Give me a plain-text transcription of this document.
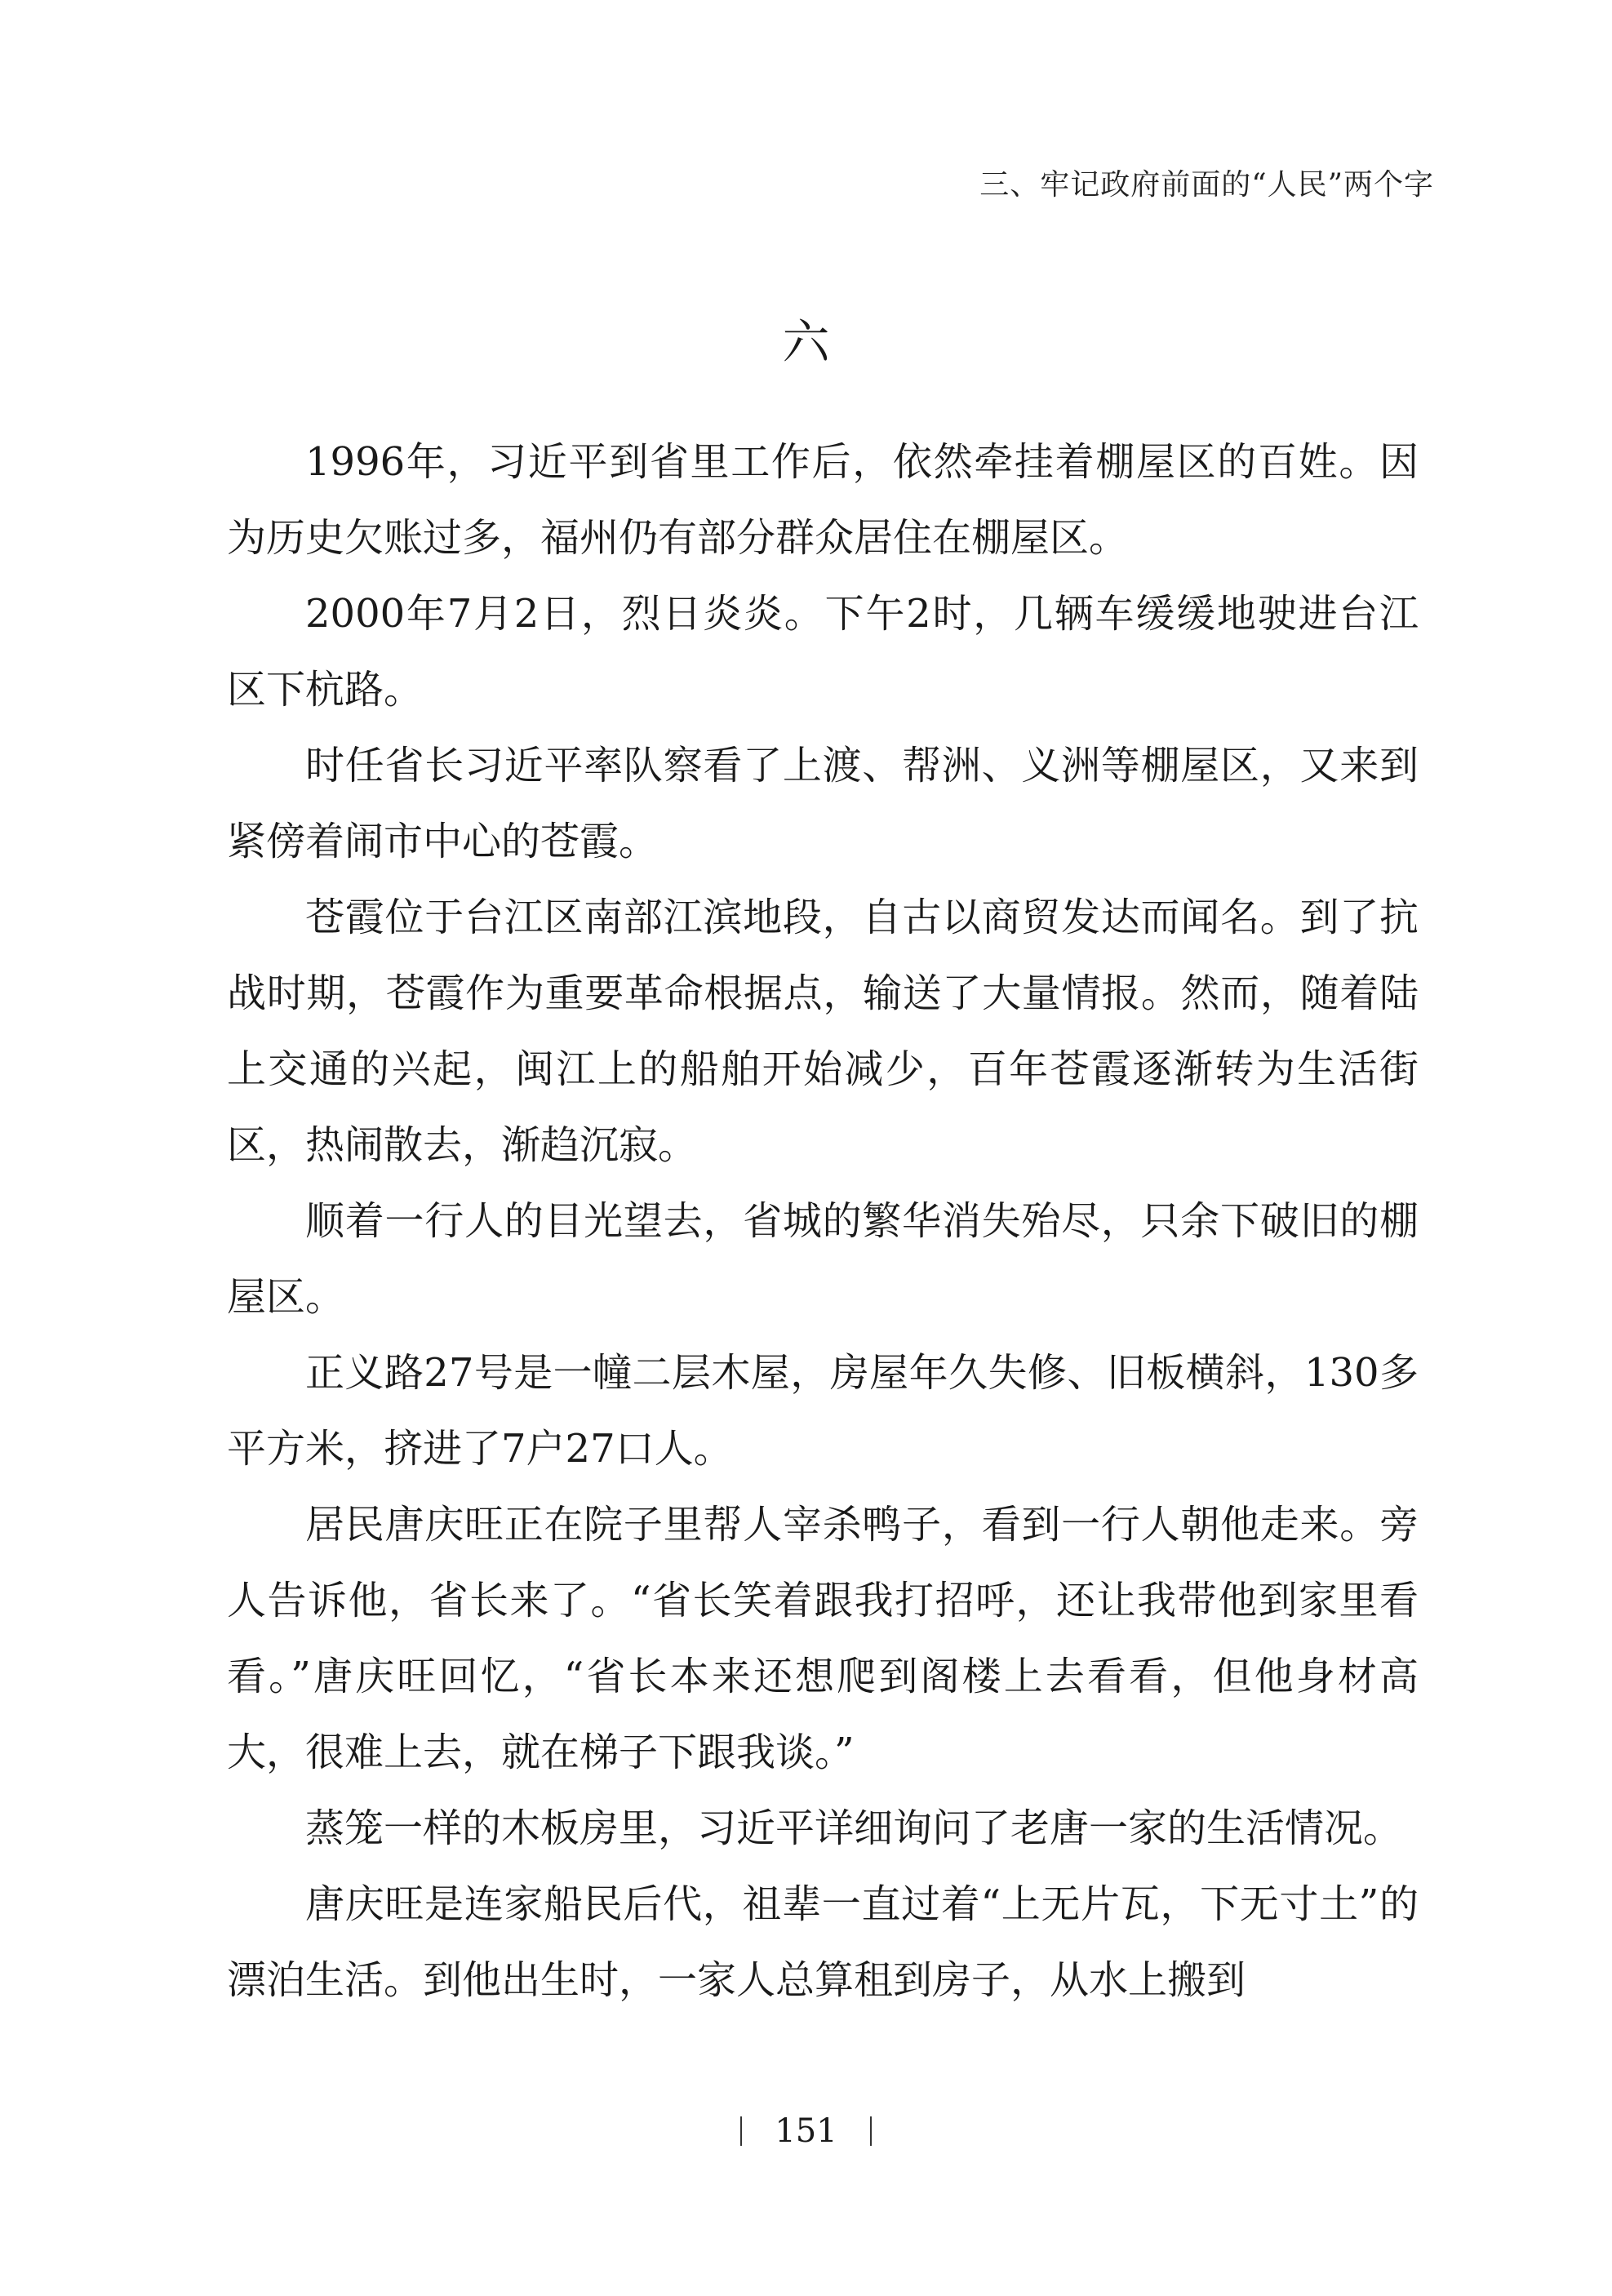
三、牢记政府前面的“人民”两个字
六

1996年，习近平到省里工作后，依然牵挂着棚屋区的百姓。因为历史欠账过多，福州仍有部分群众居住在棚屋区。

2000年7月2日，烈日炎炎。下午2时，几辆车缓缓地驶进台江区下杭路。

时任省长习近平率队察看了上渡、帮洲、义洲等棚屋区，又来到紧傍着闹市中心的苍霞。

苍霞位于台江区南部江滨地段，自古以商贸发达而闻名。到了抗战时期，苍霞作为重要革命根据点，输送了大量情报。然而，随着陆上交通的兴起，闽江上的船舶开始减少，百年苍霞逐渐转为生活街区，热闹散去，渐趋沉寂。

顺着一行人的目光望去，省城的繁华消失殆尽，只余下破旧的棚屋区。

正义路27号是一幢二层木屋，房屋年久失修、旧板横斜，130多平方米，挤进了7户27口人。

居民唐庆旺正在院子里帮人宰杀鸭子，看到一行人朝他走来。旁人告诉他，省长来了。“省长笑着跟我打招呼，还让我带他到家里看看。”唐庆旺回忆，“省长本来还想爬到阁楼上去看看，但他身材高大，很难上去，就在梯子下跟我谈。”

蒸笼一样的木板房里，习近平详细询问了老唐一家的生活情况。

唐庆旺是连家船民后代，祖辈一直过着“上无片瓦，下无寸土”的漂泊生活。到他出生时，一家人总算租到房子，从水上搬到

151
